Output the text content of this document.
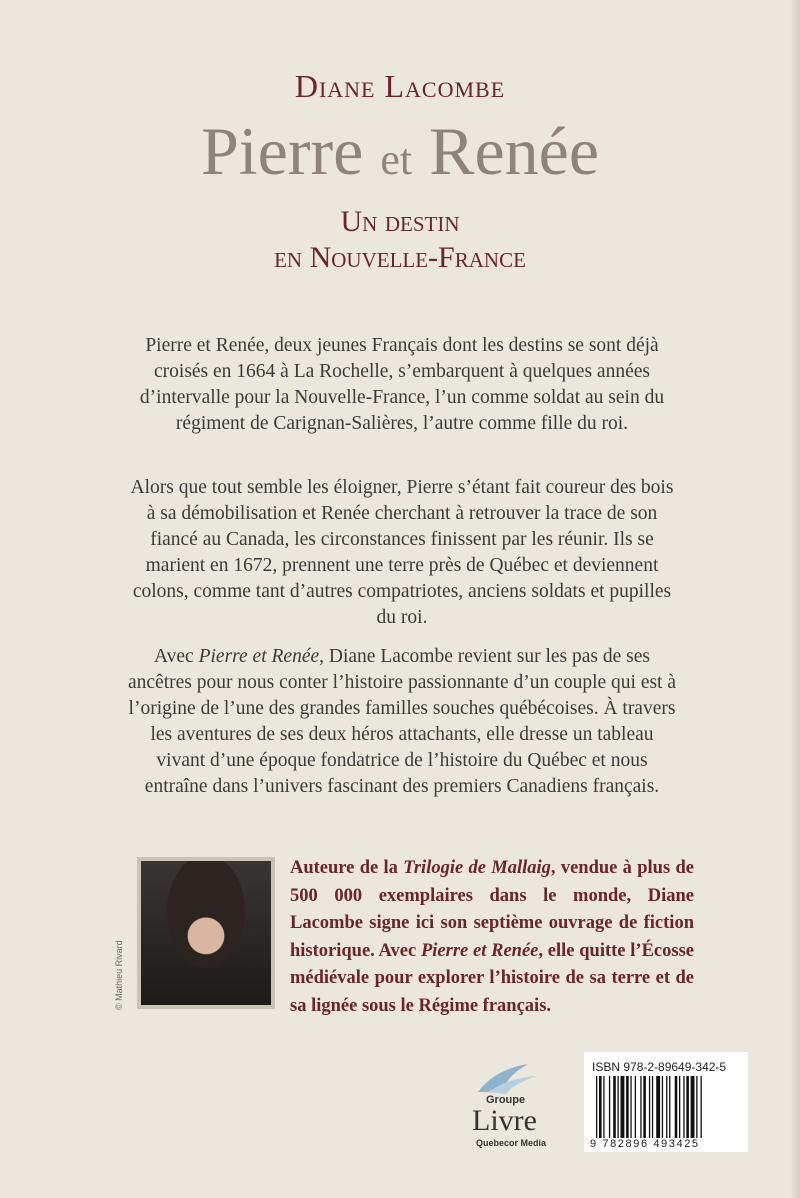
Diane Lacombe
Pierre et Renée
Un destin
en Nouvelle-France

Pierre et Renée, deux jeunes Français dont les destins se sont déjà croisés en 1664 à La Rochelle, s’embarquent à quelques années d’intervalle pour la Nouvelle-France, l’un comme soldat au sein du régiment de Carignan-Salières, l’autre comme fille du roi.

Alors que tout semble les éloigner, Pierre s’étant fait coureur des bois à sa démobilisation et Renée cherchant à retrouver la trace de son fiancé au Canada, les circonstances finissent par les réunir. Ils se marient en 1672, prennent une terre près de Québec et deviennent colons, comme tant d’autres compatriotes, anciens soldats et pupilles du roi.

Avec Pierre et Renée, Diane Lacombe revient sur les pas de ses ancêtres pour nous conter l’histoire passionnante d’un couple qui est à l’origine de l’une des grandes familles souches québécoises. À travers les aventures de ses deux héros attachants, elle dresse un tableau vivant d’une époque fondatrice de l’histoire du Québec et nous entraîne dans l’univers fascinant des premiers Canadiens français.

© Mathieu Rivard

Auteure de la Trilogie de Mallaig, vendue à plus de 500 000 exemplaires dans le monde, Diane Lacombe signe ici son septième ouvrage de fiction historique. Avec Pierre et Renée, elle quitte l’Écosse médiévale pour explorer l’histoire de sa terre et de sa lignée sous le Régime français.

Groupe
Livre
Quebecor Media
ISBN 978-2-89649-342-5
9 782896 493425
